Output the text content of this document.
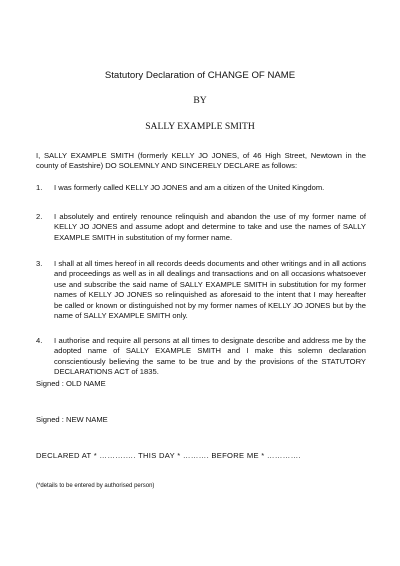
Statutory Declaration of CHANGE OF NAME
BY
SALLY EXAMPLE SMITH
I, SALLY EXAMPLE SMITH (formerly KELLY JO JONES, of 46 High Street, Newtown in the county of Eastshire) DO SOLEMNLY AND SINCERELY DECLARE as follows:
1.	I was formerly called KELLY JO JONES and am a citizen of the United Kingdom.
2.	I absolutely and entirely renounce relinquish and abandon the use of my former name of KELLY JO JONES and assume adopt and determine to take and use the names of SALLY EXAMPLE SMITH in substitution of my former name.
3.	I shall at all times hereof in all records deeds documents and other writings and in all actions and proceedings as well as in all dealings and transactions and on all occasions whatsoever use and subscribe the said name of SALLY EXAMPLE SMITH in substitution for my former names of KELLY JO JONES so relinquished as aforesaid to the intent that I may hereafter be called or known or distinguished not by my former names of KELLY JO JONES but by the name of SALLY EXAMPLE SMITH only.
4.	I authorise and require all persons at all times to designate describe and address me by the adopted name of SALLY EXAMPLE SMITH and I make this solemn declaration conscientiously believing the same to be true and by the provisions of the STATUTORY DECLARATIONS ACT of 1835.
Signed : OLD NAME
Signed : NEW NAME
DECLARED AT * ……….…. THIS DAY * ………. BEFORE ME * ………….
(*details to be entered by authorised person)
